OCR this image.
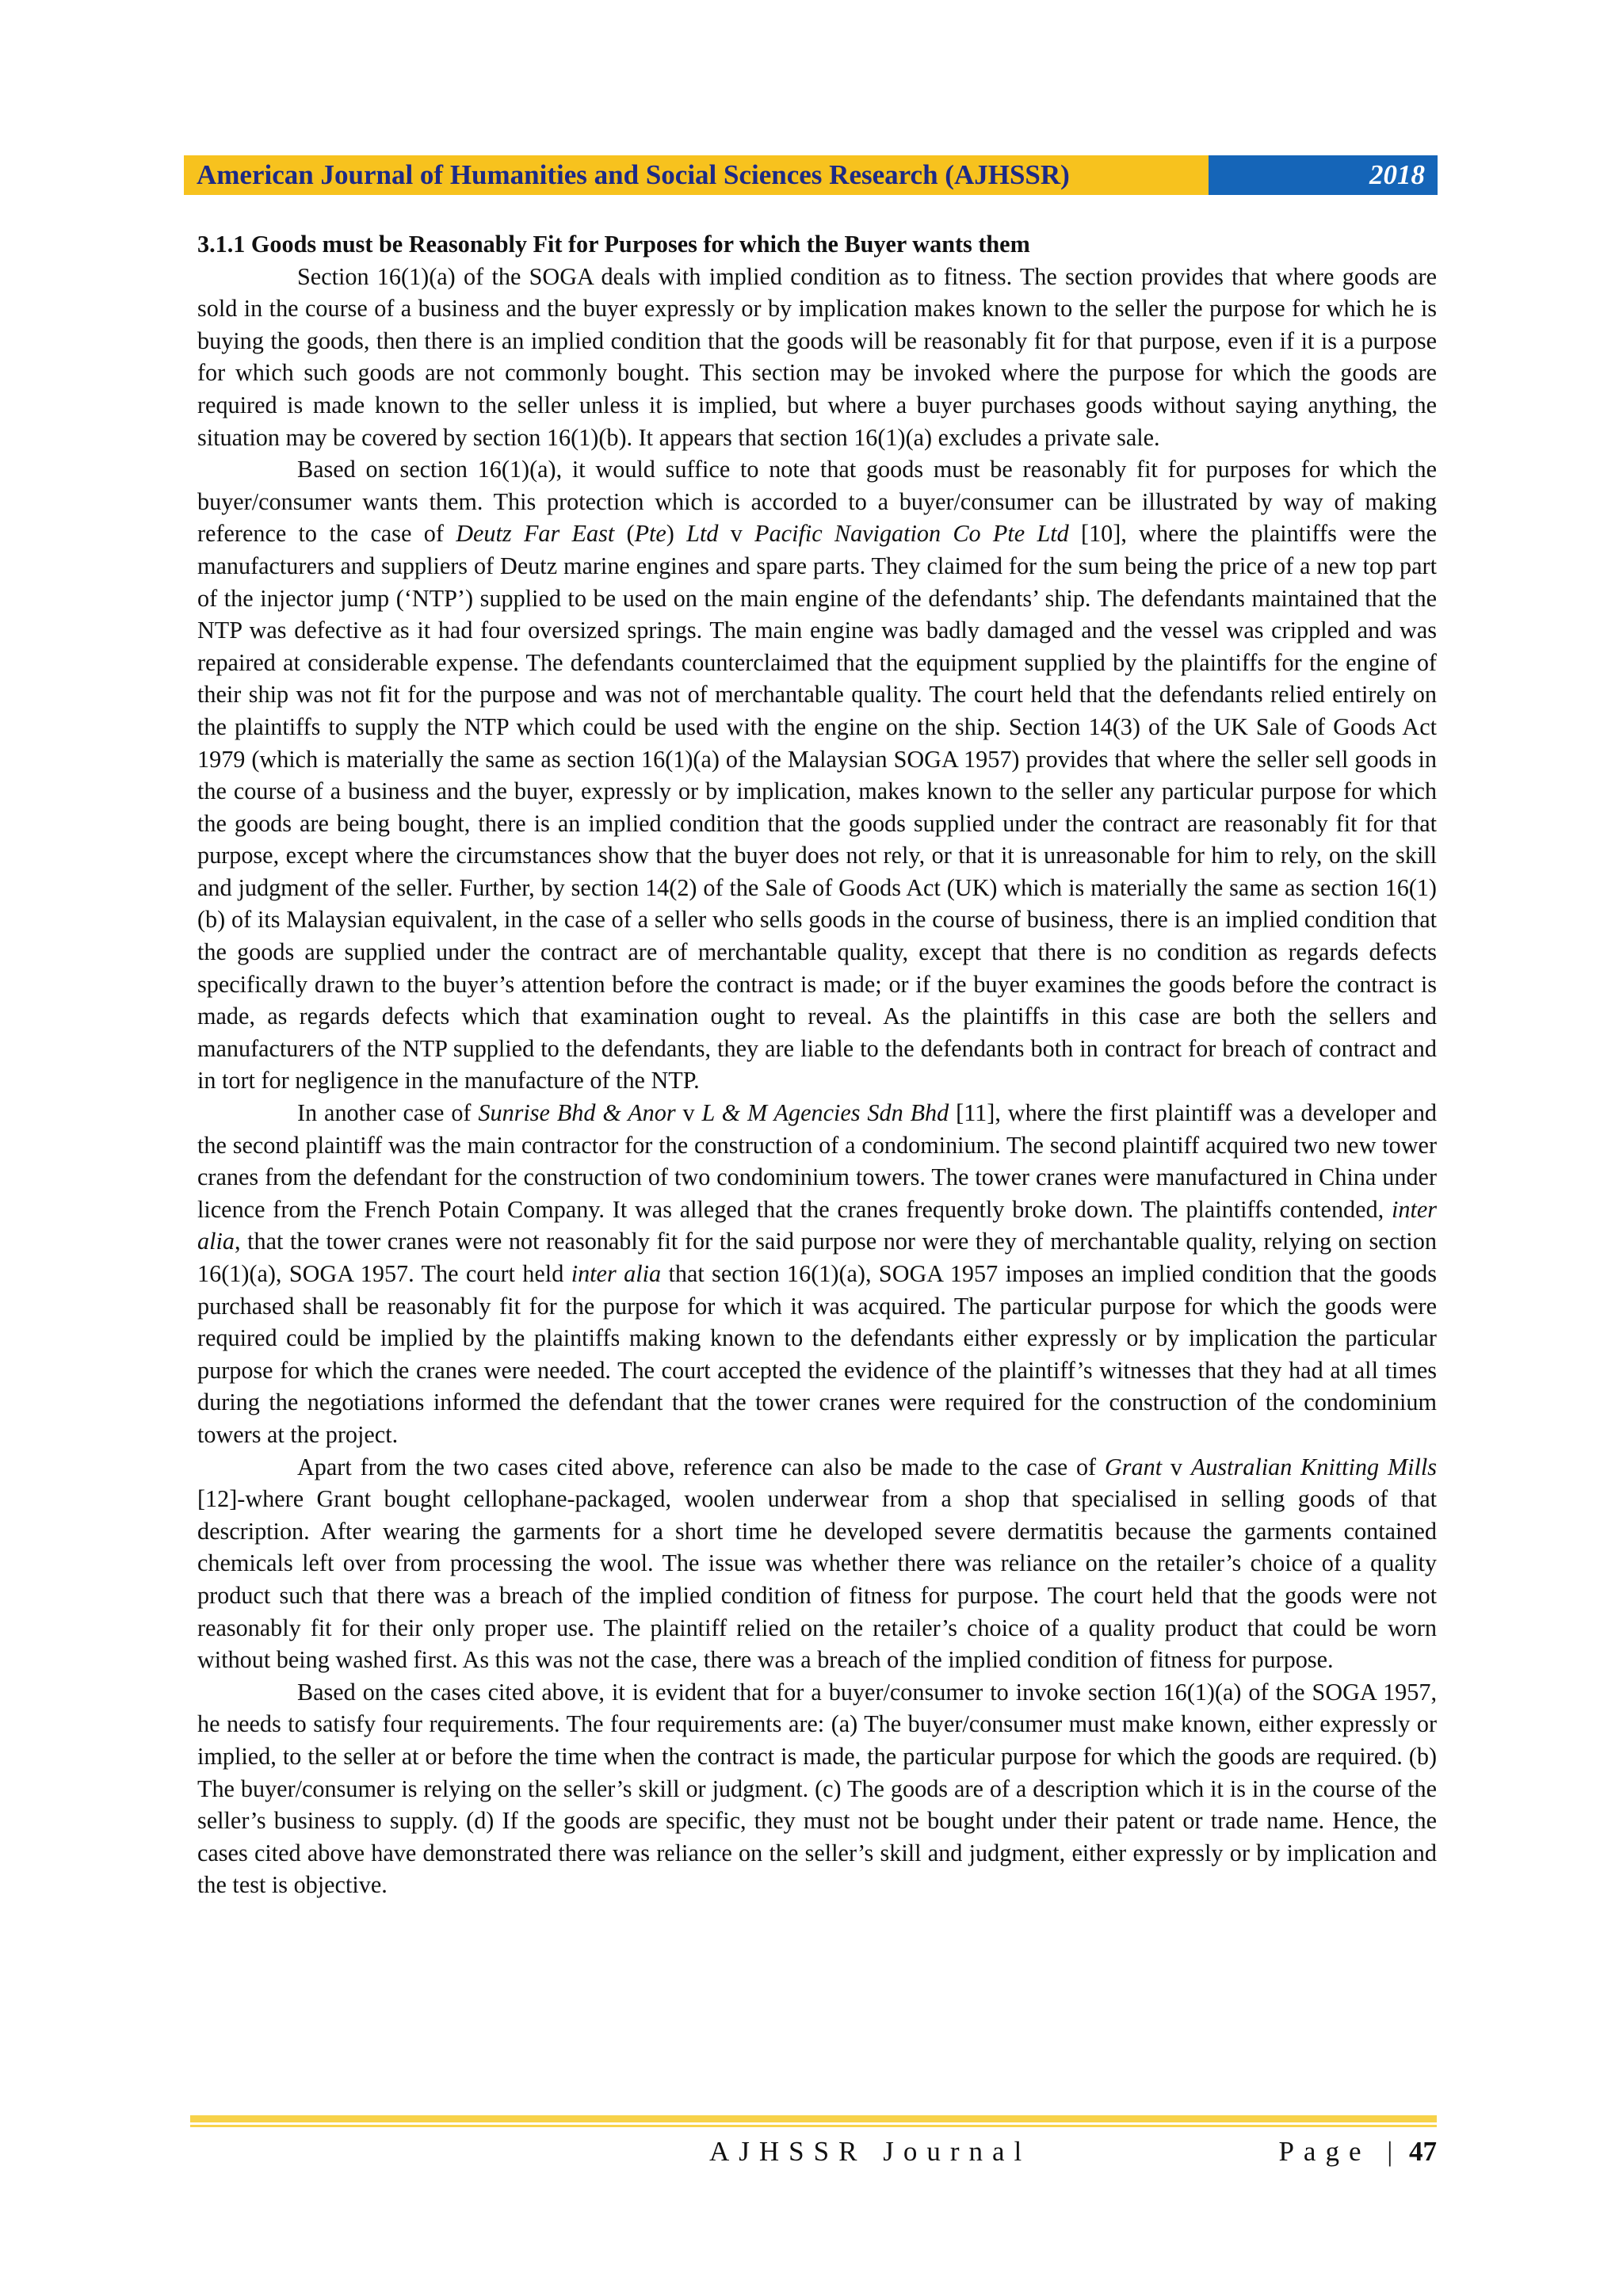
American Journal of Humanities and Social Sciences Research (AJHSSR)	2018

3.1.1 Goods must be Reasonably Fit for Purposes for which the Buyer wants them

Section 16(1)(a) of the SOGA deals with implied condition as to fitness. The section provides that where goods are sold in the course of a business and the buyer expressly or by implication makes known to the seller the purpose for which he is buying the goods, then there is an implied condition that the goods will be reasonably fit for that purpose, even if it is a purpose for which such goods are not commonly bought. This section may be invoked where the purpose for which the goods are required is made known to the seller unless it is implied, but where a buyer purchases goods without saying anything, the situation may be covered by section 16(1)(b). It appears that section 16(1)(a) excludes a private sale.

Based on section 16(1)(a), it would suffice to note that goods must be reasonably fit for purposes for which the buyer/consumer wants them. This protection which is accorded to a buyer/consumer can be illustrated by way of making reference to the case of Deutz Far East (Pte) Ltd v Pacific Navigation Co Pte Ltd [10], where the plaintiffs were the manufacturers and suppliers of Deutz marine engines and spare parts. They claimed for the sum being the price of a new top part of the injector jump (‘NTP’) supplied to be used on the main engine of the defendants’ ship. The defendants maintained that the NTP was defective as it had four oversized springs. The main engine was badly damaged and the vessel was crippled and was repaired at considerable expense. The defendants counterclaimed that the equipment supplied by the plaintiffs for the engine of their ship was not fit for the purpose and was not of merchantable quality. The court held that the defendants relied entirely on the plaintiffs to supply the NTP which could be used with the engine on the ship. Section 14(3) of the UK Sale of Goods Act 1979 (which is materially the same as section 16(1)(a) of the Malaysian SOGA 1957) provides that where the seller sell goods in the course of a business and the buyer, expressly or by implication, makes known to the seller any particular purpose for which the goods are being bought, there is an implied condition that the goods supplied under the contract are reasonably fit for that purpose, except where the circumstances show that the buyer does not rely, or that it is unreasonable for him to rely, on the skill and judgment of the seller. Further, by section 14(2) of the Sale of Goods Act (UK) which is materially the same as section 16(1)(b) of its Malaysian equivalent, in the case of a seller who sells goods in the course of business, there is an implied condition that the goods are supplied under the contract are of merchantable quality, except that there is no condition as regards defects specifically drawn to the buyer’s attention before the contract is made; or if the buyer examines the goods before the contract is made, as regards defects which that examination ought to reveal. As the plaintiffs in this case are both the sellers and manufacturers of the NTP supplied to the defendants, they are liable to the defendants both in contract for breach of contract and in tort for negligence in the manufacture of the NTP.

In another case of Sunrise Bhd & Anor v L & M Agencies Sdn Bhd [11], where the first plaintiff was a developer and the second plaintiff was the main contractor for the construction of a condominium. The second plaintiff acquired two new tower cranes from the defendant for the construction of two condominium towers. The tower cranes were manufactured in China under licence from the French Potain Company. It was alleged that the cranes frequently broke down. The plaintiffs contended, inter alia, that the tower cranes were not reasonably fit for the said purpose nor were they of merchantable quality, relying on section 16(1)(a), SOGA 1957. The court held inter alia that section 16(1)(a), SOGA 1957 imposes an implied condition that the goods purchased shall be reasonably fit for the purpose for which it was acquired. The particular purpose for which the goods were required could be implied by the plaintiffs making known to the defendants either expressly or by implication the particular purpose for which the cranes were needed. The court accepted the evidence of the plaintiff’s witnesses that they had at all times during the negotiations informed the defendant that the tower cranes were required for the construction of the condominium towers at the project.

Apart from the two cases cited above, reference can also be made to the case of Grant v Australian Knitting Mills [12]-where Grant bought cellophane-packaged, woolen underwear from a shop that specialised in selling goods of that description. After wearing the garments for a short time he developed severe dermatitis because the garments contained chemicals left over from processing the wool. The issue was whether there was reliance on the retailer’s choice of a quality product such that there was a breach of the implied condition of fitness for purpose. The court held that the goods were not reasonably fit for their only proper use. The plaintiff relied on the retailer’s choice of a quality product that could be worn without being washed first. As this was not the case, there was a breach of the implied condition of fitness for purpose.

Based on the cases cited above, it is evident that for a buyer/consumer to invoke section 16(1)(a) of the SOGA 1957, he needs to satisfy four requirements. The four requirements are: (a) The buyer/consumer must make known, either expressly or implied, to the seller at or before the time when the contract is made, the particular purpose for which the goods are required. (b) The buyer/consumer is relying on the seller’s skill or judgment. (c) The goods are of a description which it is in the course of the seller’s business to supply. (d) If the goods are specific, they must not be bought under their patent or trade name. Hence, the cases cited above have demonstrated there was reliance on the seller’s skill and judgment, either expressly or by implication and the test is objective.

AJHSSR Journal	Page | 47
